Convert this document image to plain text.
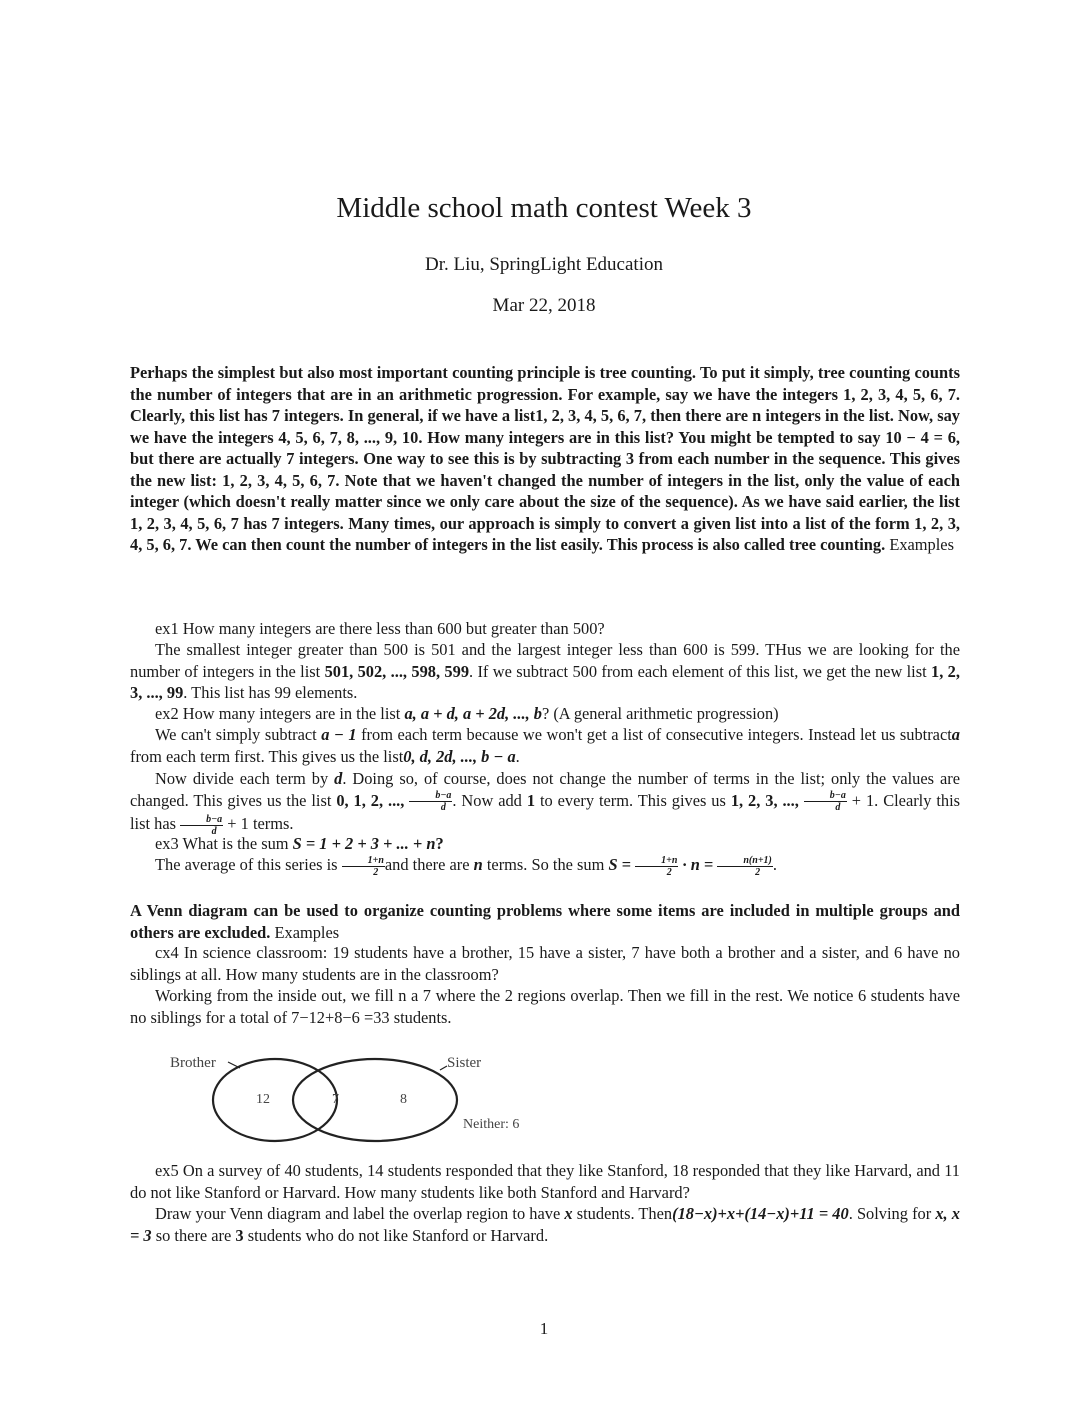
Middle school math contest Week 3
Dr. Liu, SpringLight Education
Mar 22, 2018

Perhaps the simplest but also most important counting principle is tree counting. To put it simply, tree counting counts the number of integers that are in an arithmetic progression. For example, say we have the integers 1, 2, 3, 4, 5, 6, 7. Clearly, this list has 7 integers. In general, if we have a list1, 2, 3, 4, 5, 6, 7, then there are n integers in the list. Now, say we have the integers 4, 5, 6, 7, 8, ..., 9, 10. How many integers are in this list? You might be tempted to say 10 − 4 = 6, but there are actually 7 integers. One way to see this is by subtracting 3 from each number in the sequence. This gives the new list: 1, 2, 3, 4, 5, 6, 7. Note that we haven't changed the number of integers in the list, only the value of each integer (which doesn't really matter since we only care about the size of the sequence). As we have said earlier, the list 1, 2, 3, 4, 5, 6, 7 has 7 integers. Many times, our approach is simply to convert a given list into a list of the form 1, 2, 3, 4, 5, 6, 7. We can then count the number of integers in the list easily. This process is also called tree counting. Examples

ex1 How many integers are there less than 600 but greater than 500?

The smallest integer greater than 500 is 501 and the largest integer less than 600 is 599. THus we are looking for the number of integers in the list 501, 502, ..., 598, 599. If we subtract 500 from each element of this list, we get the new list 1, 2, 3, ..., 99. This list has 99 elements.

ex2 How many integers are in the list a, a + d, a + 2d, ..., b? (A general arithmetic progression)

We can't simply subtract a − 1 from each term because we won't get a list of consecutive integers. Instead let us subtracta from each term first. This gives us the list0, d, 2d, ..., b − a.

Now divide each term by d. Doing so, of course, does not change the number of terms in the list; only the values are changed. This gives us the list 0, 1, 2, ..., $\frac{b-a}{d}$ . Now add 1 to every term. This gives us 1, 2, 3, ..., $\frac{b-a}{d} + 1$. Clearly this list has $\frac{b-a}{d} + 1$ terms.

ex3 What is the sum S = 1 + 2 + 3 + ... + n?

The average of this series is $\frac{1+n}{2}$ and there are n terms. So the sum $S = \frac{1+n}{2} \cdot n = \frac{n(n+1)}{2}$ .

A Venn diagram can be used to organize counting problems where some items are included in multiple groups and others are excluded. Examples

cx4 In science classroom: 19 students have a brother, 15 have a sister, 7 have both a brother and a sister, and 6 have no siblings at all. How many students are in the classroom?

Working from the inside out, we fill n a 7 where the 2 regions overlap. Then we fill in the rest. We notice 6 students have no siblings for a total of 7−12+8−6 =33 students.

Brother	Sister
12	7	8
Neither: 6

ex5 On a survey of 40 students, 14 students responded that they like Stanford, 18 responded that they like Harvard, and 11 do not like Stanford or Harvard. How many students like both Stanford and Harvard?

Draw your Venn diagram and label the overlap region to have x students. Then(18−x)+x+(14−x)+11 = 40. Solving for x, x = 3 so there are 3 students who do not like Stanford or Harvard.

1
